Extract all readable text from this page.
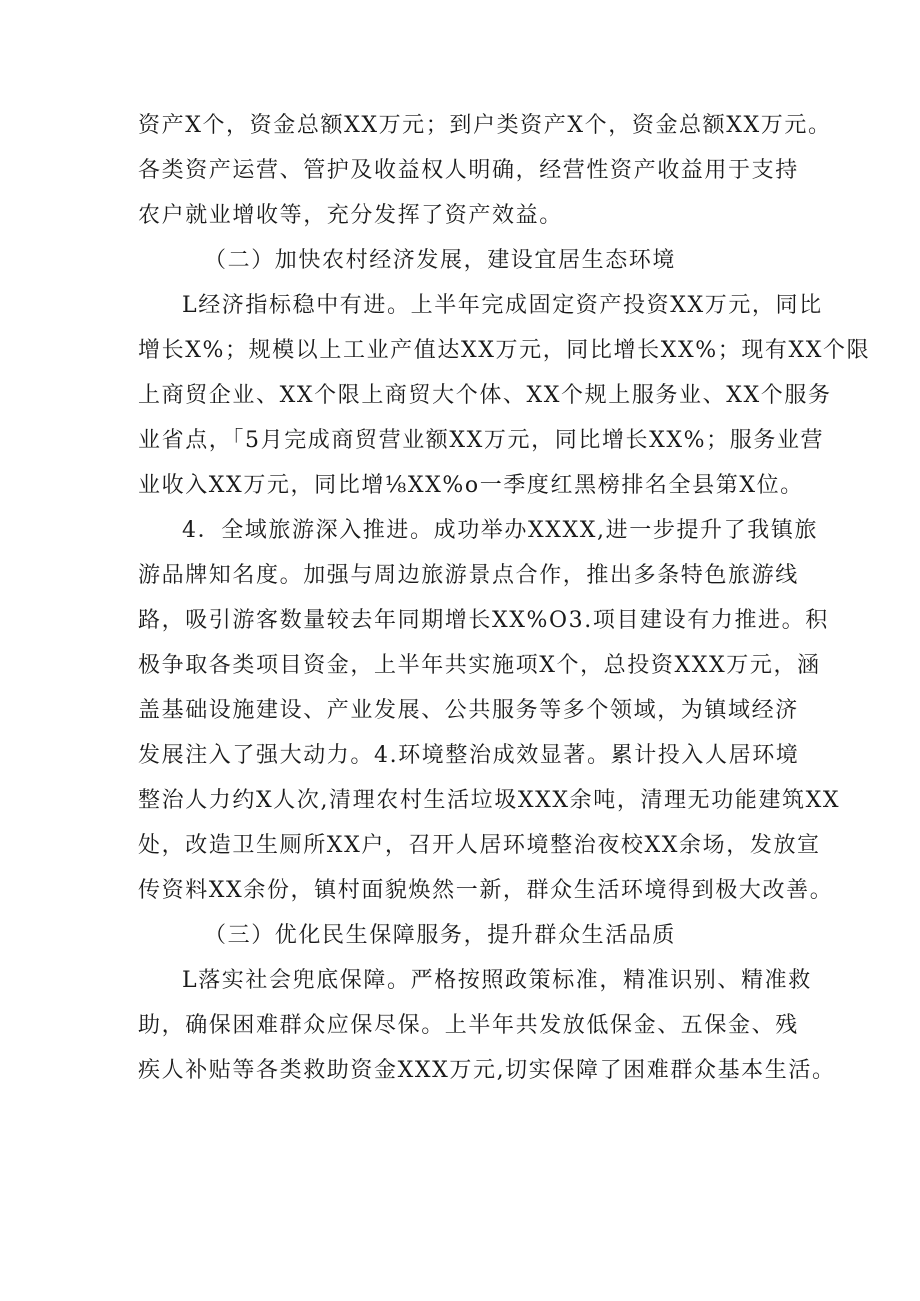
资产X个，资金总额XX万元；到户类资产X个，资金总额XX万元。
各类资产运营、管护及收益权人明确，经营性资产收益用于支持
农户就业增收等，充分发挥了资产效益。
（二）加快农村经济发展，建设宜居生态环境
L经济指标稳中有进。上半年完成固定资产投资XX万元，同比
增长X%；规模以上工业产值达XX万元，同比增长XX%；现有XX个限
上商贸企业、XX个限上商贸大个体、XX个规上服务业、XX个服务
业省点，「5月完成商贸营业额XX万元，同比增长XX%；服务业营
业收入XX万元，同比增⅛XX%o一季度红黑榜排名全县第X位。
4．全域旅游深入推进。成功举办XXXX,进一步提升了我镇旅
游品牌知名度。加强与周边旅游景点合作，推出多条特色旅游线
路，吸引游客数量较去年同期增长XX%O3.项目建设有力推进。积
极争取各类项目资金，上半年共实施项X个，总投资XXX万元，涵
盖基础设施建设、产业发展、公共服务等多个领域，为镇域经济
发展注入了强大动力。4.环境整治成效显著。累计投入人居环境
整治人力约X人次,清理农村生活垃圾XXX余吨，清理无功能建筑XX
处，改造卫生厕所XX户，召开人居环境整治夜校XX余场，发放宣
传资料XX余份，镇村面貌焕然一新，群众生活环境得到极大改善。
（三）优化民生保障服务，提升群众生活品质
L落实社会兜底保障。严格按照政策标准，精准识别、精准救
助，确保困难群众应保尽保。上半年共发放低保金、五保金、残
疾人补贴等各类救助资金XXX万元,切实保障了困难群众基本生活。
